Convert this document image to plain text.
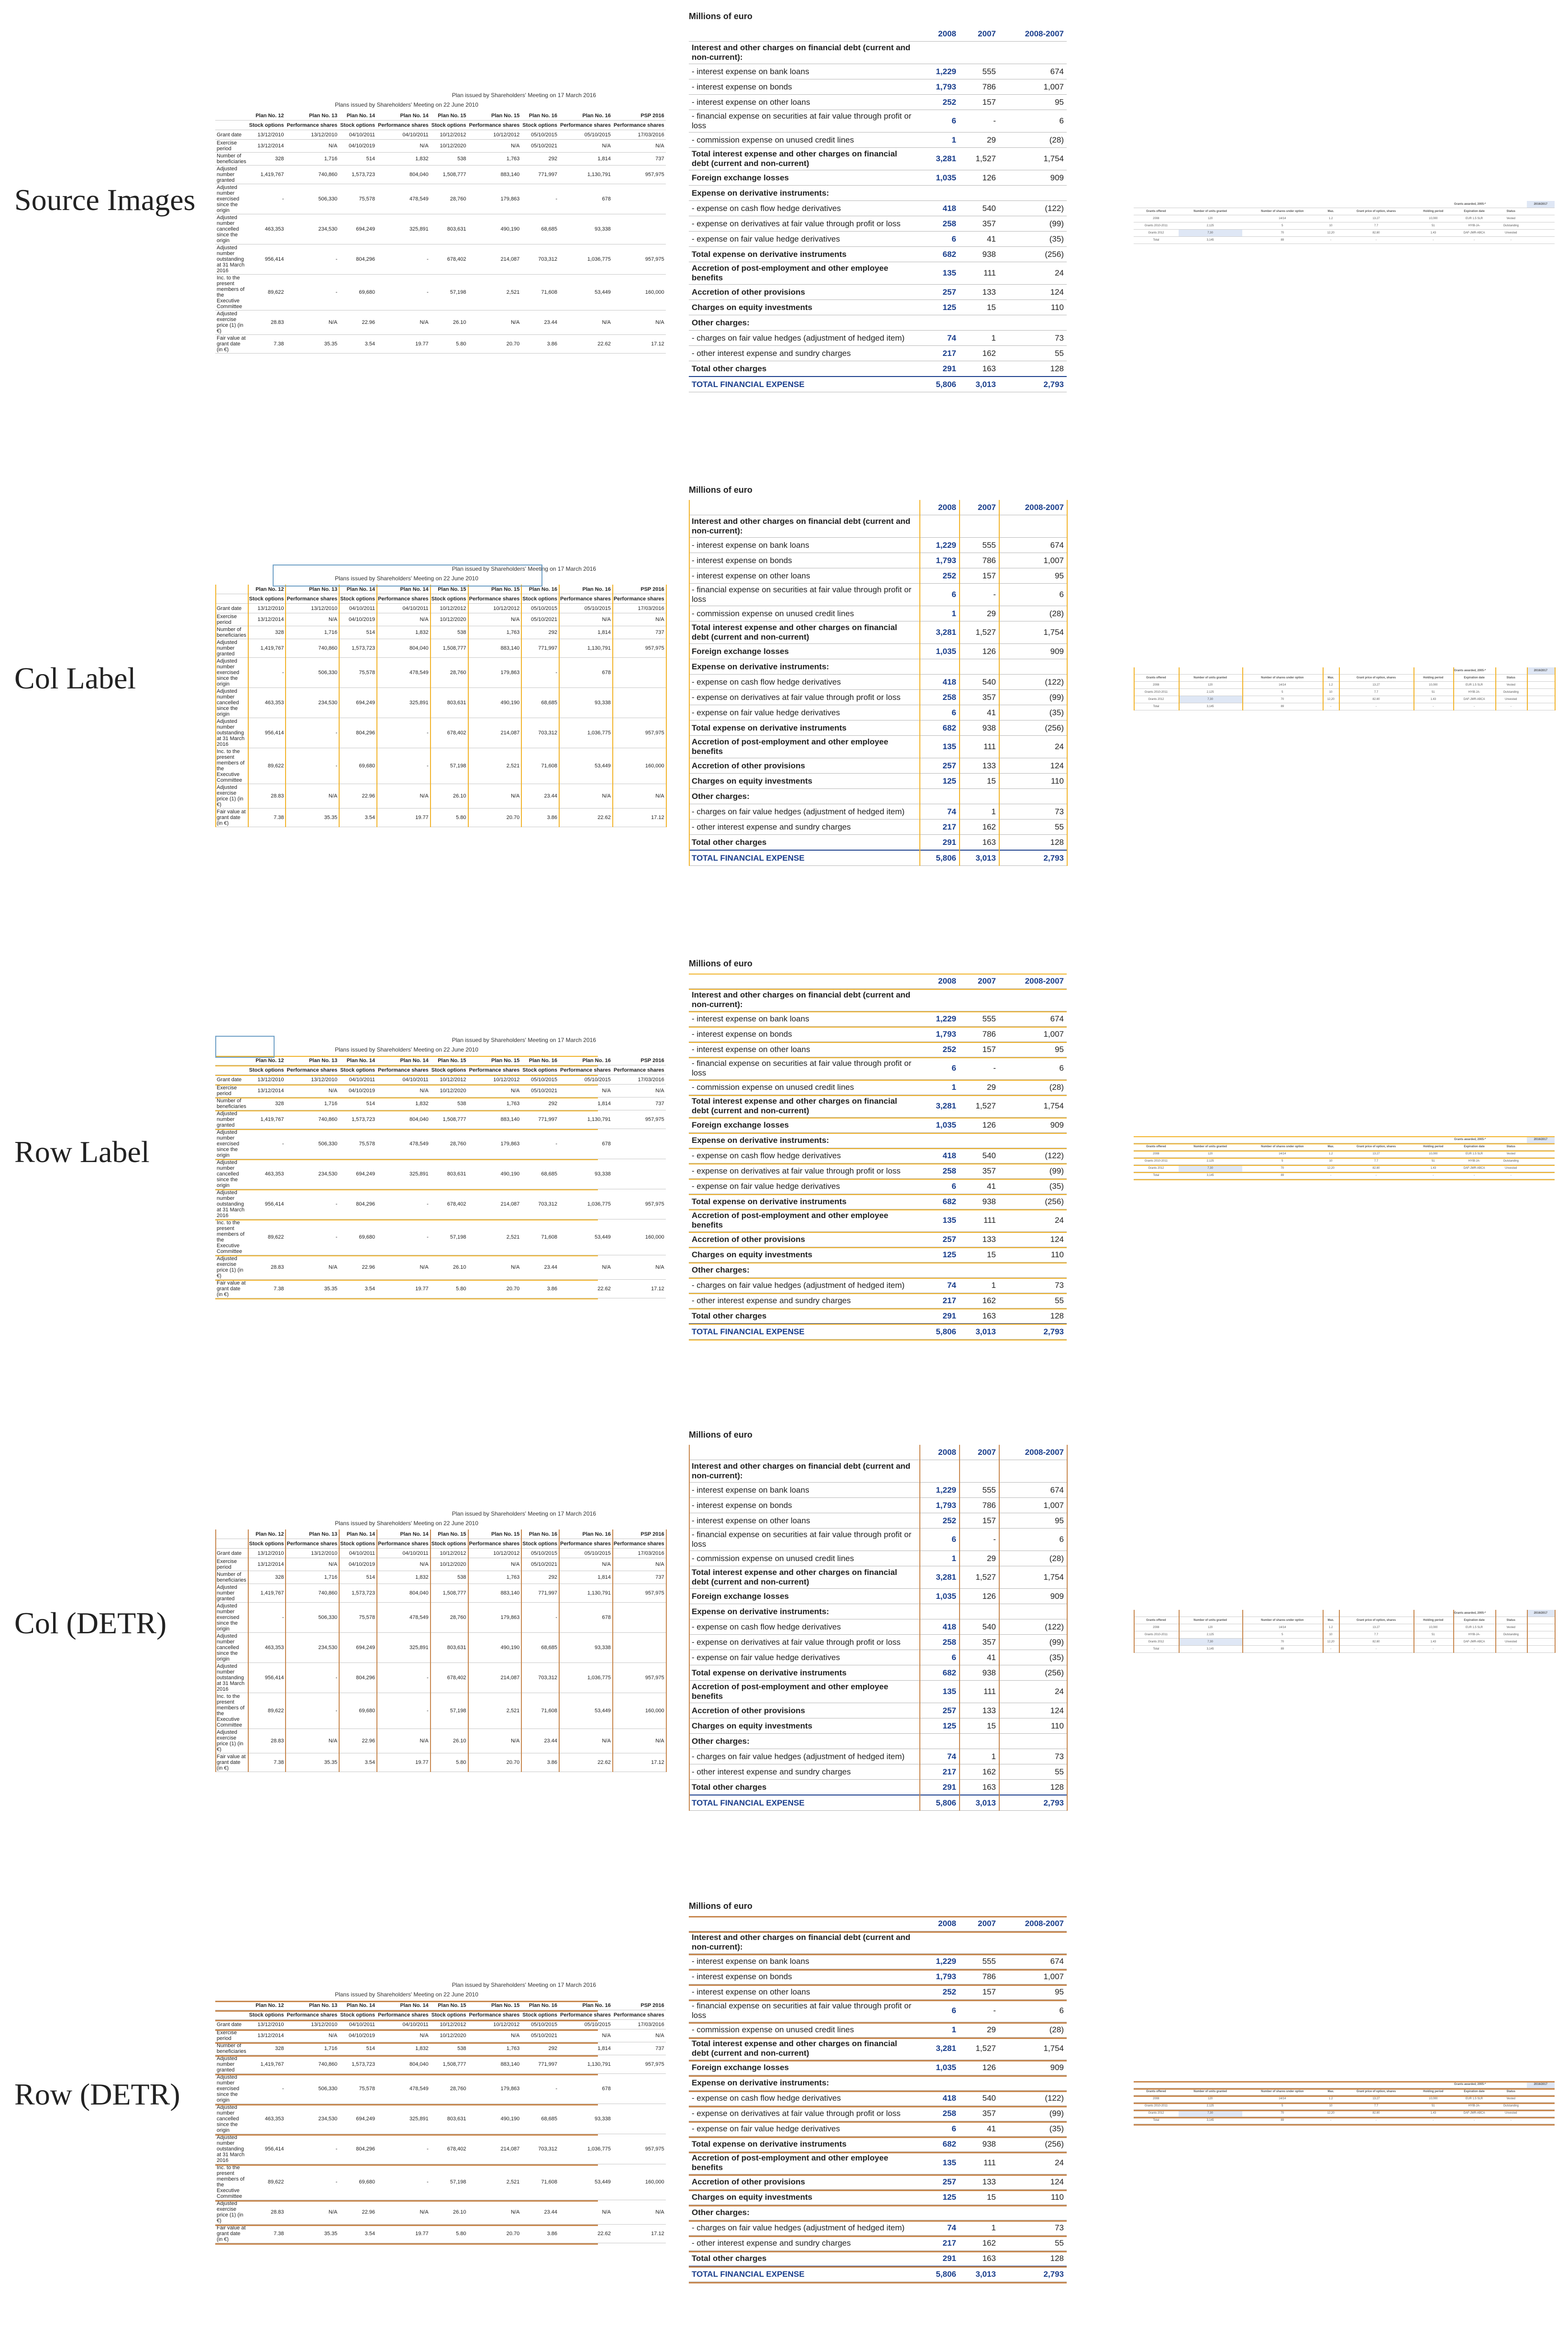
Source Images
Col Label
Row Label
Col (DETR)
Row (DETR)
Plan issued by Shareholders' Meeting on 17 March 2016
Plans issued by Shareholders' Meeting on 22 June 2010
	Plan No. 12	Plan No. 13	Plan No. 14	Plan No. 14	Plan No. 15	Plan No. 15	Plan No. 16	Plan No. 16	PSP 2016
	Stock options	Performance shares	Stock options	Performance shares	Stock options	Performance shares	Stock options	Performance shares	Performance shares
Grant date	13/12/2010	13/12/2010	04/10/2011	04/10/2011	10/12/2012	10/12/2012	05/10/2015	05/10/2015	17/03/2016
Exercise period	13/12/2014	N/A	04/10/2019	N/A	10/12/2020	N/A	05/10/2021	N/A	N/A
Number of beneficiaries	328	1,716	514	1,832	538	1,763	292	1,814	737
Adjusted number granted	1,419,767	740,860	1,573,723	804,040	1,508,777	883,140	771,997	1,130,791	957,975
Adjusted number exercised since the origin	-	506,330	75,578	478,549	28,760	179,863	-	678	
Adjusted number cancelled since the origin	463,353	234,530	694,249	325,891	803,631	490,190	68,685	93,338	
Adjusted number outstanding at 31 March 2016	956,414	-	804,296	-	678,402	214,087	703,312	1,036,775	957,975
Inc. to the present members of the Executive Committee	89,622	-	69,680	-	57,198	2,521	71,608	53,449	160,000
Adjusted exercise price (1) (in €)	28.83	N/A	22.96	N/A	26.10	N/A	23.44	N/A	N/A
Fair value at grant date (in €)	7.38	35.35	3.54	19.77	5.80	20.70	3.86	22.62	17.12
Millions of euro
	2008	2007	2008-2007
Interest and other charges on financial debt (current and non-current):			
- interest expense on bank loans	1,229	555	674
- interest expense on bonds	1,793	786	1,007
- interest expense on other loans	252	157	95
- financial expense on securities at fair value through profit or loss	6	-	6
- commission expense on unused credit lines	1	29	(28)
Total interest expense and other charges on financial debt (current and non-current)	3,281	1,527	1,754
Foreign exchange losses	1,035	126	909
Expense on derivative instruments:			
- expense on cash flow hedge derivatives	418	540	(122)
- expense on derivatives at fair value through profit or loss	258	357	(99)
- expense on fair value hedge derivatives	6	41	(35)
Total expense on derivative instruments	682	938	(256)
Accretion of post-employment and other employee benefits	135	111	24
Accretion of other provisions	257	133	124
Charges on equity investments	125	15	110
Other charges:			
- charges on fair value hedges (adjustment of hedged item)	74	1	73
- other interest expense and sundry charges	217	162	55
Total other charges	291	163	128
TOTAL FINANCIAL EXPENSE	5,806	3,013	2,793
					Grants awarded, 2005-*			2016/2017
Grants offered	Number of units granted	Number of shares under option	Max.	Grant price of option, shares	Holding period	Expiration date	Status	
2008	120	14/14	1.2	13.27	10,000	EUR 1.5 SLR	Vested	
Grants 2010-2011	2,125	5	10	7.7	51	HYIB-JA-	Outstanding	
Grants 2012	7,30	70	12,20	82.80	1.43	DAF-JMR-ABCA	Unvested	
Total	3,145	89	-	-	-	-	-	
Plan issued by Shareholders' Meeting on 17 March 2016
Plans issued by Shareholders' Meeting on 22 June 2010
	Plan No. 12	Plan No. 13	Plan No. 14	Plan No. 14	Plan No. 15	Plan No. 15	Plan No. 16	Plan No. 16	PSP 2016
	Stock options	Performance shares	Stock options	Performance shares	Stock options	Performance shares	Stock options	Performance shares	Performance shares
Grant date	13/12/2010	13/12/2010	04/10/2011	04/10/2011	10/12/2012	10/12/2012	05/10/2015	05/10/2015	17/03/2016
Exercise period	13/12/2014	N/A	04/10/2019	N/A	10/12/2020	N/A	05/10/2021	N/A	N/A
Number of beneficiaries	328	1,716	514	1,832	538	1,763	292	1,814	737
Adjusted number granted	1,419,767	740,860	1,573,723	804,040	1,508,777	883,140	771,997	1,130,791	957,975
Adjusted number exercised since the origin	-	506,330	75,578	478,549	28,760	179,863	-	678	
Adjusted number cancelled since the origin	463,353	234,530	694,249	325,891	803,631	490,190	68,685	93,338	
Adjusted number outstanding at 31 March 2016	956,414	-	804,296	-	678,402	214,087	703,312	1,036,775	957,975
Inc. to the present members of the Executive Committee	89,622	-	69,680	-	57,198	2,521	71,608	53,449	160,000
Adjusted exercise price (1) (in €)	28.83	N/A	22.96	N/A	26.10	N/A	23.44	N/A	N/A
Fair value at grant date (in €)	7.38	35.35	3.54	19.77	5.80	20.70	3.86	22.62	17.12
Millions of euro
	2008	2007	2008-2007
Interest and other charges on financial debt (current and non-current):			
- interest expense on bank loans	1,229	555	674
- interest expense on bonds	1,793	786	1,007
- interest expense on other loans	252	157	95
- financial expense on securities at fair value through profit or loss	6	-	6
- commission expense on unused credit lines	1	29	(28)
Total interest expense and other charges on financial debt (current and non-current)	3,281	1,527	1,754
Foreign exchange losses	1,035	126	909
Expense on derivative instruments:			
- expense on cash flow hedge derivatives	418	540	(122)
- expense on derivatives at fair value through profit or loss	258	357	(99)
- expense on fair value hedge derivatives	6	41	(35)
Total expense on derivative instruments	682	938	(256)
Accretion of post-employment and other employee benefits	135	111	24
Accretion of other provisions	257	133	124
Charges on equity investments	125	15	110
Other charges:			
- charges on fair value hedges (adjustment of hedged item)	74	1	73
- other interest expense and sundry charges	217	162	55
Total other charges	291	163	128
TOTAL FINANCIAL EXPENSE	5,806	3,013	2,793
					Grants awarded, 2005-*			2016/2017
Grants offered	Number of units granted	Number of shares under option	Max.	Grant price of option, shares	Holding period	Expiration date	Status	
2008	120	14/14	1.2	13.27	10,000	EUR 1.5 SLR	Vested	
Grants 2010-2011	2,125	5	10	7.7	51	HYIB-JA-	Outstanding	
Grants 2012	7,30	70	12,20	82.80	1.43	DAF-JMR-ABCA	Unvested	
Total	3,145	89	-	-	-	-	-	
Plan issued by Shareholders' Meeting on 17 March 2016
Plans issued by Shareholders' Meeting on 22 June 2010
	Plan No. 12	Plan No. 13	Plan No. 14	Plan No. 14	Plan No. 15	Plan No. 15	Plan No. 16	Plan No. 16	PSP 2016
	Stock options	Performance shares	Stock options	Performance shares	Stock options	Performance shares	Stock options	Performance shares	Performance shares
Grant date	13/12/2010	13/12/2010	04/10/2011	04/10/2011	10/12/2012	10/12/2012	05/10/2015	05/10/2015	17/03/2016
Exercise period	13/12/2014	N/A	04/10/2019	N/A	10/12/2020	N/A	05/10/2021	N/A	N/A
Number of beneficiaries	328	1,716	514	1,832	538	1,763	292	1,814	737
Adjusted number granted	1,419,767	740,860	1,573,723	804,040	1,508,777	883,140	771,997	1,130,791	957,975
Adjusted number exercised since the origin	-	506,330	75,578	478,549	28,760	179,863	-	678	
Adjusted number cancelled since the origin	463,353	234,530	694,249	325,891	803,631	490,190	68,685	93,338	
Adjusted number outstanding at 31 March 2016	956,414	-	804,296	-	678,402	214,087	703,312	1,036,775	957,975
Inc. to the present members of the Executive Committee	89,622	-	69,680	-	57,198	2,521	71,608	53,449	160,000
Adjusted exercise price (1) (in €)	28.83	N/A	22.96	N/A	26.10	N/A	23.44	N/A	N/A
Fair value at grant date (in €)	7.38	35.35	3.54	19.77	5.80	20.70	3.86	22.62	17.12
Millions of euro
	2008	2007	2008-2007
Interest and other charges on financial debt (current and non-current):			
- interest expense on bank loans	1,229	555	674
- interest expense on bonds	1,793	786	1,007
- interest expense on other loans	252	157	95
- financial expense on securities at fair value through profit or loss	6	-	6
- commission expense on unused credit lines	1	29	(28)
Total interest expense and other charges on financial debt (current and non-current)	3,281	1,527	1,754
Foreign exchange losses	1,035	126	909
Expense on derivative instruments:			
- expense on cash flow hedge derivatives	418	540	(122)
- expense on derivatives at fair value through profit or loss	258	357	(99)
- expense on fair value hedge derivatives	6	41	(35)
Total expense on derivative instruments	682	938	(256)
Accretion of post-employment and other employee benefits	135	111	24
Accretion of other provisions	257	133	124
Charges on equity investments	125	15	110
Other charges:			
- charges on fair value hedges (adjustment of hedged item)	74	1	73
- other interest expense and sundry charges	217	162	55
Total other charges	291	163	128
TOTAL FINANCIAL EXPENSE	5,806	3,013	2,793
					Grants awarded, 2005-*			2016/2017
Grants offered	Number of units granted	Number of shares under option	Max.	Grant price of option, shares	Holding period	Expiration date	Status	
2008	120	14/14	1.2	13.27	10,000	EUR 1.5 SLR	Vested	
Grants 2010-2011	2,125	5	10	7.7	51	HYIB-JA-	Outstanding	
Grants 2012	7,30	70	12,20	82.80	1.43	DAF-JMR-ABCA	Unvested	
Total	3,145	89	-	-	-	-	-	
Plan issued by Shareholders' Meeting on 17 March 2016
Plans issued by Shareholders' Meeting on 22 June 2010
	Plan No. 12	Plan No. 13	Plan No. 14	Plan No. 14	Plan No. 15	Plan No. 15	Plan No. 16	Plan No. 16	PSP 2016
	Stock options	Performance shares	Stock options	Performance shares	Stock options	Performance shares	Stock options	Performance shares	Performance shares
Grant date	13/12/2010	13/12/2010	04/10/2011	04/10/2011	10/12/2012	10/12/2012	05/10/2015	05/10/2015	17/03/2016
Exercise period	13/12/2014	N/A	04/10/2019	N/A	10/12/2020	N/A	05/10/2021	N/A	N/A
Number of beneficiaries	328	1,716	514	1,832	538	1,763	292	1,814	737
Adjusted number granted	1,419,767	740,860	1,573,723	804,040	1,508,777	883,140	771,997	1,130,791	957,975
Adjusted number exercised since the origin	-	506,330	75,578	478,549	28,760	179,863	-	678	
Adjusted number cancelled since the origin	463,353	234,530	694,249	325,891	803,631	490,190	68,685	93,338	
Adjusted number outstanding at 31 March 2016	956,414	-	804,296	-	678,402	214,087	703,312	1,036,775	957,975
Inc. to the present members of the Executive Committee	89,622	-	69,680	-	57,198	2,521	71,608	53,449	160,000
Adjusted exercise price (1) (in €)	28.83	N/A	22.96	N/A	26.10	N/A	23.44	N/A	N/A
Fair value at grant date (in €)	7.38	35.35	3.54	19.77	5.80	20.70	3.86	22.62	17.12
Millions of euro
	2008	2007	2008-2007
Interest and other charges on financial debt (current and non-current):			
- interest expense on bank loans	1,229	555	674
- interest expense on bonds	1,793	786	1,007
- interest expense on other loans	252	157	95
- financial expense on securities at fair value through profit or loss	6	-	6
- commission expense on unused credit lines	1	29	(28)
Total interest expense and other charges on financial debt (current and non-current)	3,281	1,527	1,754
Foreign exchange losses	1,035	126	909
Expense on derivative instruments:			
- expense on cash flow hedge derivatives	418	540	(122)
- expense on derivatives at fair value through profit or loss	258	357	(99)
- expense on fair value hedge derivatives	6	41	(35)
Total expense on derivative instruments	682	938	(256)
Accretion of post-employment and other employee benefits	135	111	24
Accretion of other provisions	257	133	124
Charges on equity investments	125	15	110
Other charges:			
- charges on fair value hedges (adjustment of hedged item)	74	1	73
- other interest expense and sundry charges	217	162	55
Total other charges	291	163	128
TOTAL FINANCIAL EXPENSE	5,806	3,013	2,793
					Grants awarded, 2005-*			2016/2017
Grants offered	Number of units granted	Number of shares under option	Max.	Grant price of option, shares	Holding period	Expiration date	Status	
2008	120	14/14	1.2	13.27	10,000	EUR 1.5 SLR	Vested	
Grants 2010-2011	2,125	5	10	7.7	51	HYIB-JA-	Outstanding	
Grants 2012	7,30	70	12,20	82.80	1.43	DAF-JMR-ABCA	Unvested	
Total	3,145	89	-	-	-	-	-	
Plan issued by Shareholders' Meeting on 17 March 2016
Plans issued by Shareholders' Meeting on 22 June 2010
	Plan No. 12	Plan No. 13	Plan No. 14	Plan No. 14	Plan No. 15	Plan No. 15	Plan No. 16	Plan No. 16	PSP 2016
	Stock options	Performance shares	Stock options	Performance shares	Stock options	Performance shares	Stock options	Performance shares	Performance shares
Grant date	13/12/2010	13/12/2010	04/10/2011	04/10/2011	10/12/2012	10/12/2012	05/10/2015	05/10/2015	17/03/2016
Exercise period	13/12/2014	N/A	04/10/2019	N/A	10/12/2020	N/A	05/10/2021	N/A	N/A
Number of beneficiaries	328	1,716	514	1,832	538	1,763	292	1,814	737
Adjusted number granted	1,419,767	740,860	1,573,723	804,040	1,508,777	883,140	771,997	1,130,791	957,975
Adjusted number exercised since the origin	-	506,330	75,578	478,549	28,760	179,863	-	678	
Adjusted number cancelled since the origin	463,353	234,530	694,249	325,891	803,631	490,190	68,685	93,338	
Adjusted number outstanding at 31 March 2016	956,414	-	804,296	-	678,402	214,087	703,312	1,036,775	957,975
Inc. to the present members of the Executive Committee	89,622	-	69,680	-	57,198	2,521	71,608	53,449	160,000
Adjusted exercise price (1) (in €)	28.83	N/A	22.96	N/A	26.10	N/A	23.44	N/A	N/A
Fair value at grant date (in €)	7.38	35.35	3.54	19.77	5.80	20.70	3.86	22.62	17.12
Millions of euro
	2008	2007	2008-2007
Interest and other charges on financial debt (current and non-current):			
- interest expense on bank loans	1,229	555	674
- interest expense on bonds	1,793	786	1,007
- interest expense on other loans	252	157	95
- financial expense on securities at fair value through profit or loss	6	-	6
- commission expense on unused credit lines	1	29	(28)
Total interest expense and other charges on financial debt (current and non-current)	3,281	1,527	1,754
Foreign exchange losses	1,035	126	909
Expense on derivative instruments:			
- expense on cash flow hedge derivatives	418	540	(122)
- expense on derivatives at fair value through profit or loss	258	357	(99)
- expense on fair value hedge derivatives	6	41	(35)
Total expense on derivative instruments	682	938	(256)
Accretion of post-employment and other employee benefits	135	111	24
Accretion of other provisions	257	133	124
Charges on equity investments	125	15	110
Other charges:			
- charges on fair value hedges (adjustment of hedged item)	74	1	73
- other interest expense and sundry charges	217	162	55
Total other charges	291	163	128
TOTAL FINANCIAL EXPENSE	5,806	3,013	2,793
					Grants awarded, 2005-*			2016/2017
Grants offered	Number of units granted	Number of shares under option	Max.	Grant price of option, shares	Holding period	Expiration date	Status	
2008	120	14/14	1.2	13.27	10,000	EUR 1.5 SLR	Vested	
Grants 2010-2011	2,125	5	10	7.7	51	HYIB-JA-	Outstanding	
Grants 2012	7,30	70	12,20	82.80	1.43	DAF-JMR-ABCA	Unvested	
Total	3,145	89	-	-	-	-	-	
